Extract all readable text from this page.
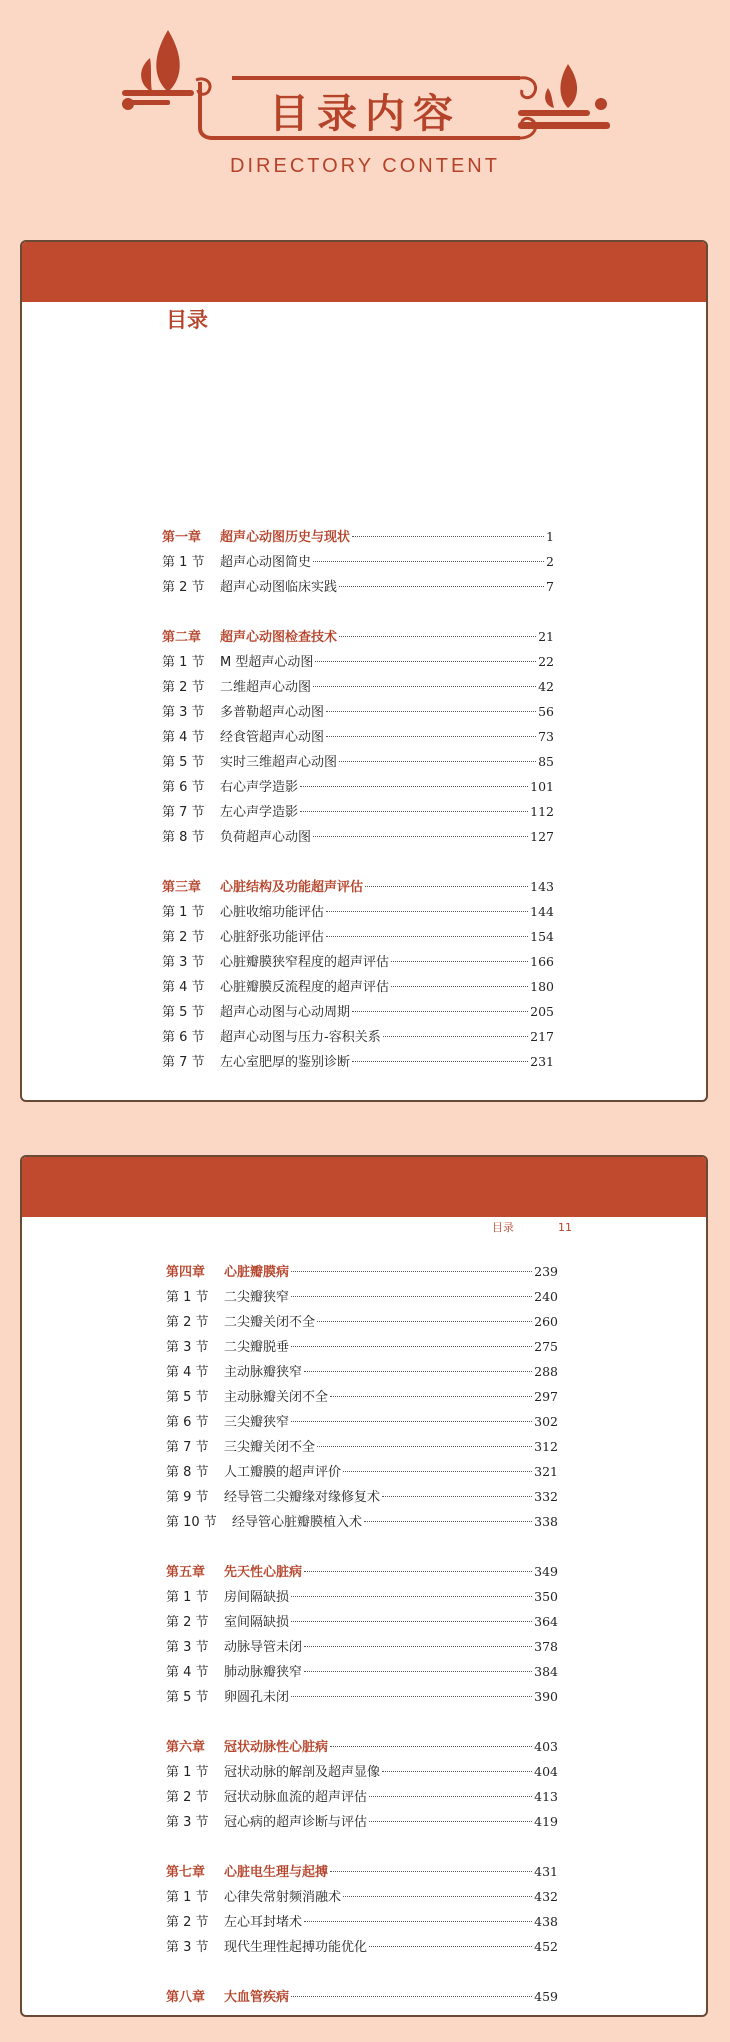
目录内容
DIRECTORY CONTENT
目录
第一章	超声心动图历史与现状	1
第 1 节	超声心动图简史	2
第 2 节	超声心动图临床实践	7
第二章	超声心动图检查技术	21
第 1 节	M 型超声心动图	22
第 2 节	二维超声心动图	42
第 3 节	多普勒超声心动图	56
第 4 节	经食管超声心动图	73
第 5 节	实时三维超声心动图	85
第 6 节	右心声学造影	101
第 7 节	左心声学造影	112
第 8 节	负荷超声心动图	127
第三章	心脏结构及功能超声评估	143
第 1 节	心脏收缩功能评估	144
第 2 节	心脏舒张功能评估	154
第 3 节	心脏瓣膜狭窄程度的超声评估	166
第 4 节	心脏瓣膜反流程度的超声评估	180
第 5 节	超声心动图与心动周期	205
第 6 节	超声心动图与压力-容积关系	217
第 7 节	左心室肥厚的鉴别诊断	231
目录	11
第四章	心脏瓣膜病	239
第 1 节	二尖瓣狭窄	240
第 2 节	二尖瓣关闭不全	260
第 3 节	二尖瓣脱垂	275
第 4 节	主动脉瓣狭窄	288
第 5 节	主动脉瓣关闭不全	297
第 6 节	三尖瓣狭窄	302
第 7 节	三尖瓣关闭不全	312
第 8 节	人工瓣膜的超声评价	321
第 9 节	经导管二尖瓣缘对缘修复术	332
第 10 节	经导管心脏瓣膜植入术	338
第五章	先天性心脏病	349
第 1 节	房间隔缺损	350
第 2 节	室间隔缺损	364
第 3 节	动脉导管未闭	378
第 4 节	肺动脉瓣狭窄	384
第 5 节	卵圆孔未闭	390
第六章	冠状动脉性心脏病	403
第 1 节	冠状动脉的解剖及超声显像	404
第 2 节	冠状动脉血流的超声评估	413
第 3 节	冠心病的超声诊断与评估	419
第七章	心脏电生理与起搏	431
第 1 节	心律失常射频消融术	432
第 2 节	左心耳封堵术	438
第 3 节	现代生理性起搏功能优化	452
第八章	大血管疾病	459
